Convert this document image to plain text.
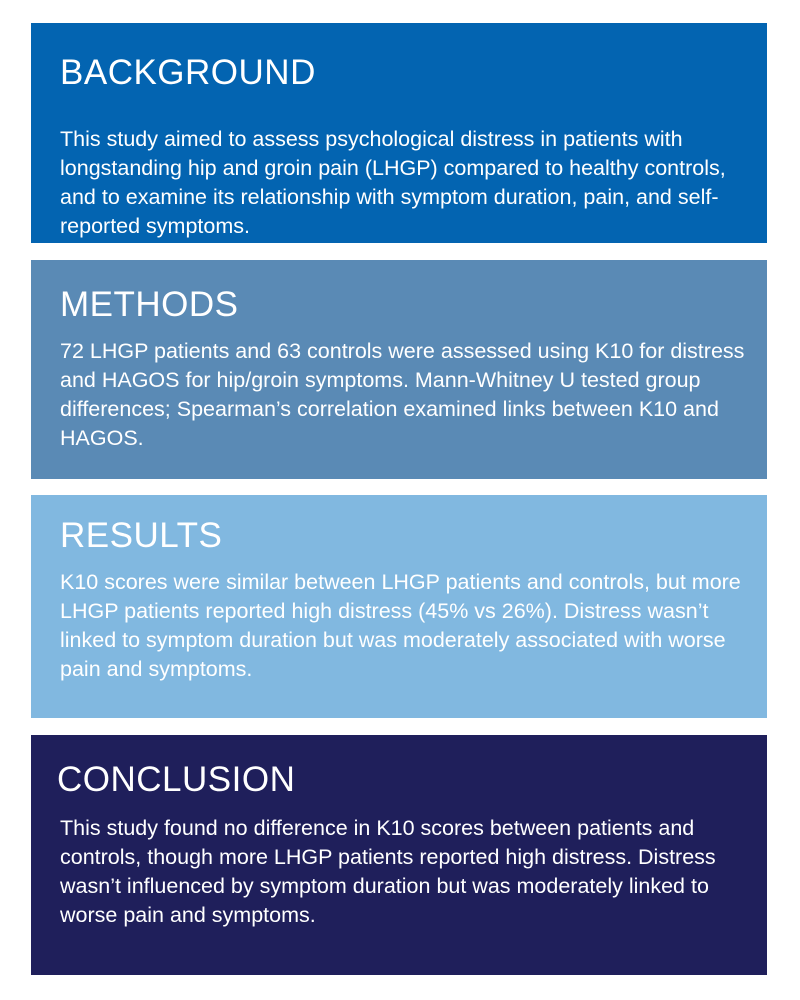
BACKGROUND

This study aimed to assess psychological distress in patients with longstanding hip and groin pain (LHGP) compared to healthy controls, and to examine its relationship with symptom duration, pain, and self-reported symptoms.

METHODS

72 LHGP patients and 63 controls were assessed using K10 for distress and HAGOS for hip/groin symptoms. Mann-Whitney U tested group differences; Spearman’s correlation examined links between K10 and HAGOS.

RESULTS

K10 scores were similar between LHGP patients and controls, but more LHGP patients reported high distress (45% vs 26%). Distress wasn’t linked to symptom duration but was moderately associated with worse pain and symptoms.

CONCLUSION

This study found no difference in K10 scores between patients and controls, though more LHGP patients reported high distress. Distress wasn’t influenced by symptom duration but was moderately linked to worse pain and symptoms.
